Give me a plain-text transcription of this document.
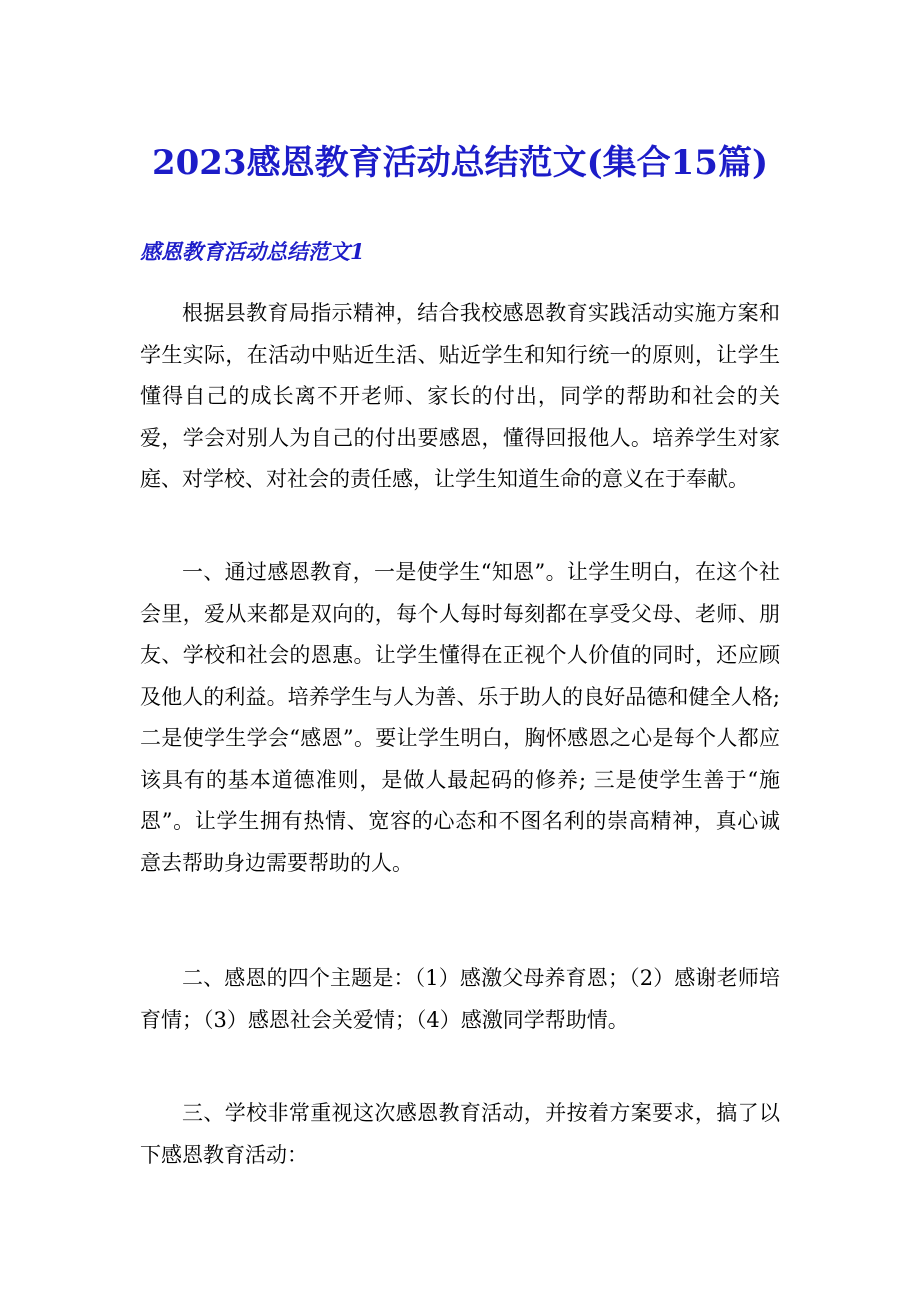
2023感恩教育活动总结范文(集合15篇)
感恩教育活动总结范文1

根据县教育局指示精神，结合我校感恩教育实践活动实施方案和学生实际，在活动中贴近生活、贴近学生和知行统一的原则，让学生懂得自己的成长离不开老师、家长的付出，同学的帮助和社会的关爱，学会对别人为自己的付出要感恩，懂得回报他人。培养学生对家庭、对学校、对社会的责任感，让学生知道生命的意义在于奉献。

一、通过感恩教育，一是使学生“知恩”。让学生明白，在这个社会里，爱从来都是双向的，每个人每时每刻都在享受父母、老师、朋友、学校和社会的恩惠。让学生懂得在正视个人价值的同时，还应顾及他人的利益。培养学生与人为善、乐于助人的良好品德和健全人格; 二是使学生学会“感恩”。要让学生明白，胸怀感恩之心是每个人都应该具有的基本道德准则，是做人最起码的修养; 三是使学生善于“施恩”。让学生拥有热情、宽容的心态和不图名利的崇高精神，真心诚意去帮助身边需要帮助的人。

二、感恩的四个主题是：（1）感激父母养育恩；（2）感谢老师培育情；（3）感恩社会关爱情；（4）感激同学帮助情。

三、学校非常重视这次感恩教育活动，并按着方案要求，搞了以下感恩教育活动：
